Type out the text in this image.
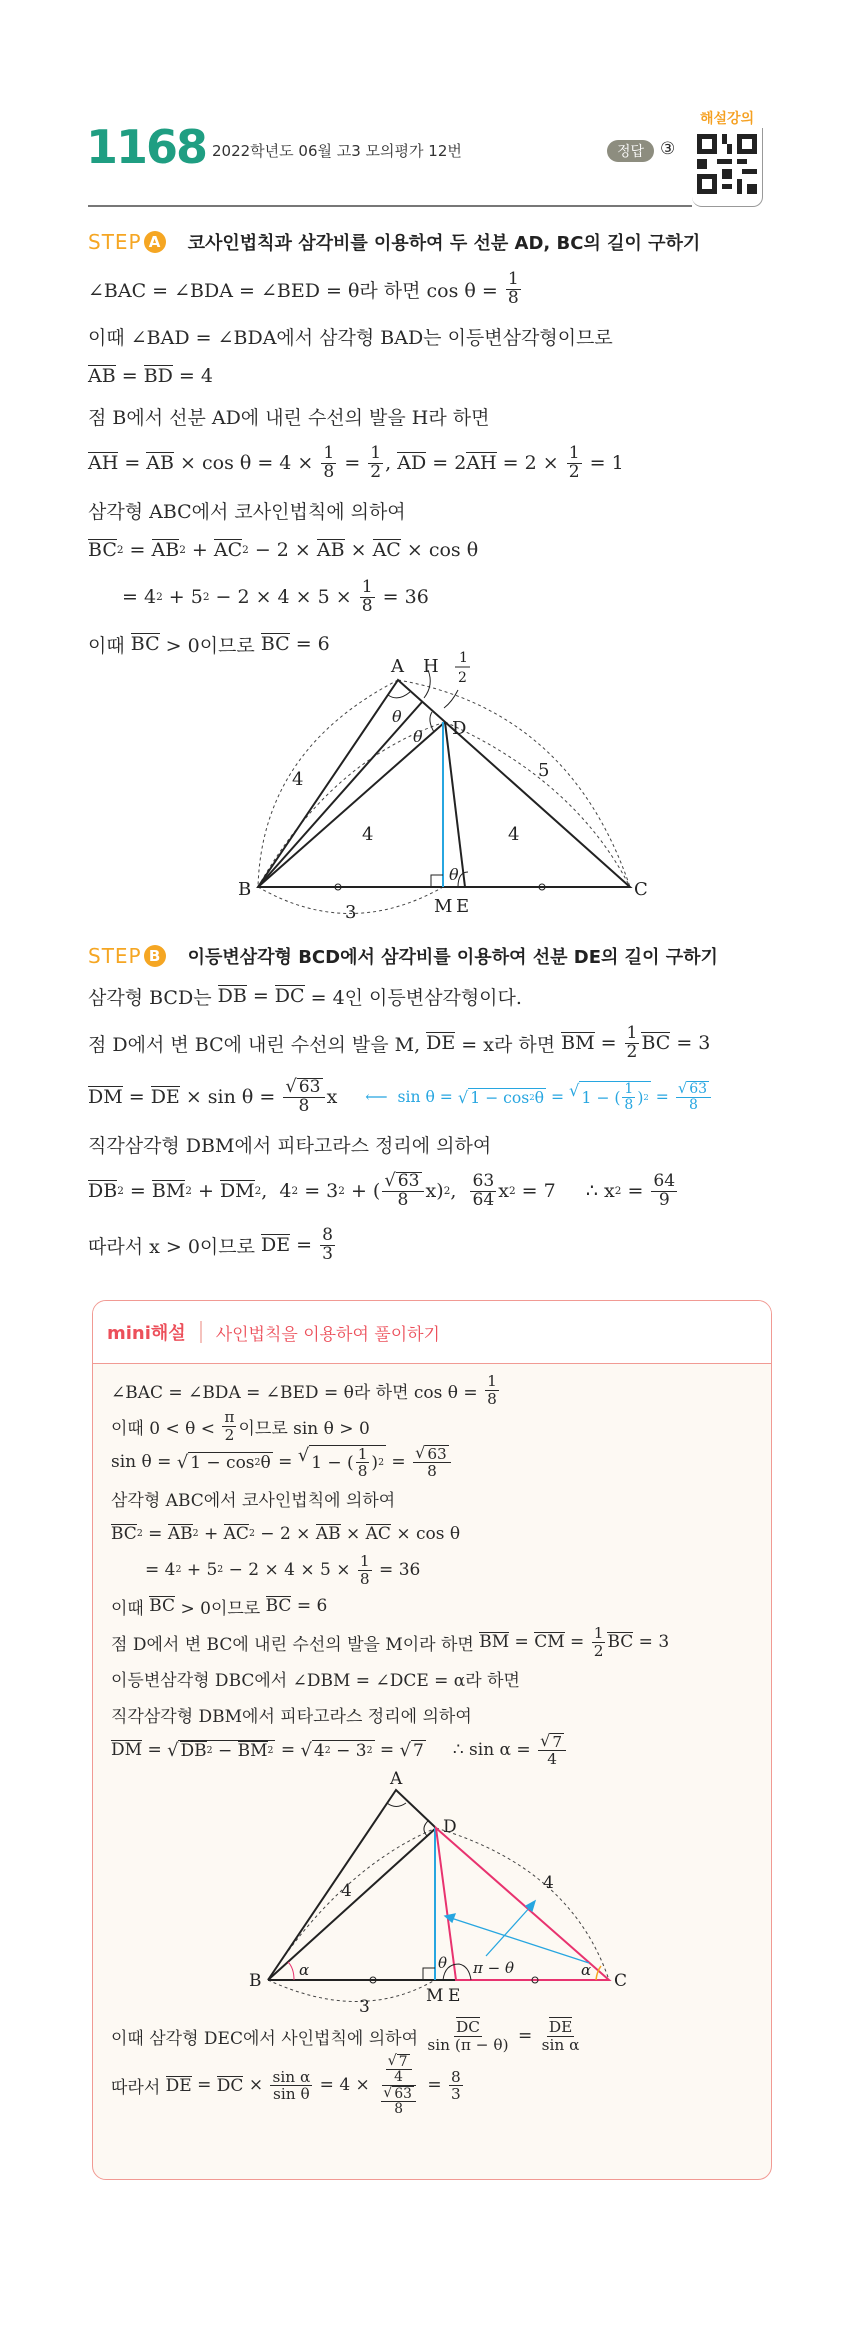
1168 2022학년도 06월 고3 모의평가 12번	정답 ③
해설강의
STEP A 코사인법칙과 삼각비를 이용하여 두 선분 AD, BC의 길이 구하기
∠BAC = ∠BDA = ∠BED = θ라 하면 $\cos \theta = \frac{1}{8}$
이때 ∠BAD = ∠BDA에서 삼각형 BAD는 이등변삼각형이므로
AB = BD = 4
점 B에서 선분 AD에 내린 수선의 발을 H라 하면
AH = AB × $\cos \theta = 4 \times \frac{1}{8} = \frac{1}{2}$ , AD = 2 AH = $2 \times \frac{1}{2} = 1$
삼각형 ABC에서 코사인법칙에 의하여
BC 2 = AB 2 + AC 2 − 2 × AB × AC × cos θ
= 4 2 + 5 $2 - 2 \times 4 \times 5 \times \frac{1}{8} = 36$
이때 BC > 0이므로 BC = 6
A H 1
2
D
θ
θ
θ
4
4
5
4
3
B	C
M E
STEP B 이등변삼각형 BCD에서 삼각비를 이용하여 선분 DE의 길이 구하기
삼각형 BCD는 DB = DC = 4인 이등변삼각형이다.
점 D에서 변 BC에 내린 수선의 발을 M, DE = x라 하면 BM = $\frac{1}{2}$ BC = 3
DM = DE × $\sin \theta = \frac{√ 63}{8}$ x ⟵  sin θ = √ 1 − cos 2 θ = √ 1 − ( $\frac{1}{8}$ ) $2 = \frac{√ 63}{8}$
직각삼각형 DBM에서 피타고라스 정리에 의하여
DB 2 = BM 2 + DM 2 ,  4 2 = 3 2 + ( $\frac{√ 63}{8} x$) 2 , $\frac{63}{64}$ x 2 = 7     ∴ x $2 = \frac{64}{9}$
따라서 x > 0이므로 DE = $\frac{8}{3}$
mini해설 사인법칙을 이용하여 풀이하기
∠BAC = ∠BDA = ∠BED = θ라 하면 $\cos \theta = \frac{1}{8}$
이때 $0 < \theta < \frac{\pi}{2}$ 이므로 sin θ > 0
sin θ = √ 1 − cos 2 θ = √ 1 − ( $\frac{1}{8}$ ) $2 = \frac{√ 63}{8}$
삼각형 ABC에서 코사인법칙에 의하여
BC 2 = AB 2 + AC 2 − 2 × AB × AC × cos θ
= 4 2 + 5 $2 - 2 \times 4 \times 5 \times \frac{1}{8} = 36$
이때 BC > 0이므로 BC = 6
점 D에서 변 BC에 내린 수선의 발을 M이라 하면 BM = CM = $\frac{1}{2}$ BC = 3
이등변삼각형 DBC에서 ∠DBM = ∠DCE = α라 하면
직각삼각형 DBM에서 피타고라스 정리에 의하여
DM = √ DB 2 − BM 2 = √ 4 2 − 3 2 = √ 7 ∴ $\sin \alpha = \frac{√ 7}{4}$
A
D
B	C
M E
α	α
θ π − θ
4	4
3
이때 삼각형 DEC에서 사인법칙에 의하여 $\frac{DC}{\sin (\pi - \theta)} = \frac{DE}{\text{sin α}}$
따라서 DE = DC × $\frac{\text{sin α}}{\text{sin θ}} = 4 \times \frac{\frac{√ 7}{4}}{\frac{√ 63}{8}} = \frac{8}{3}$
